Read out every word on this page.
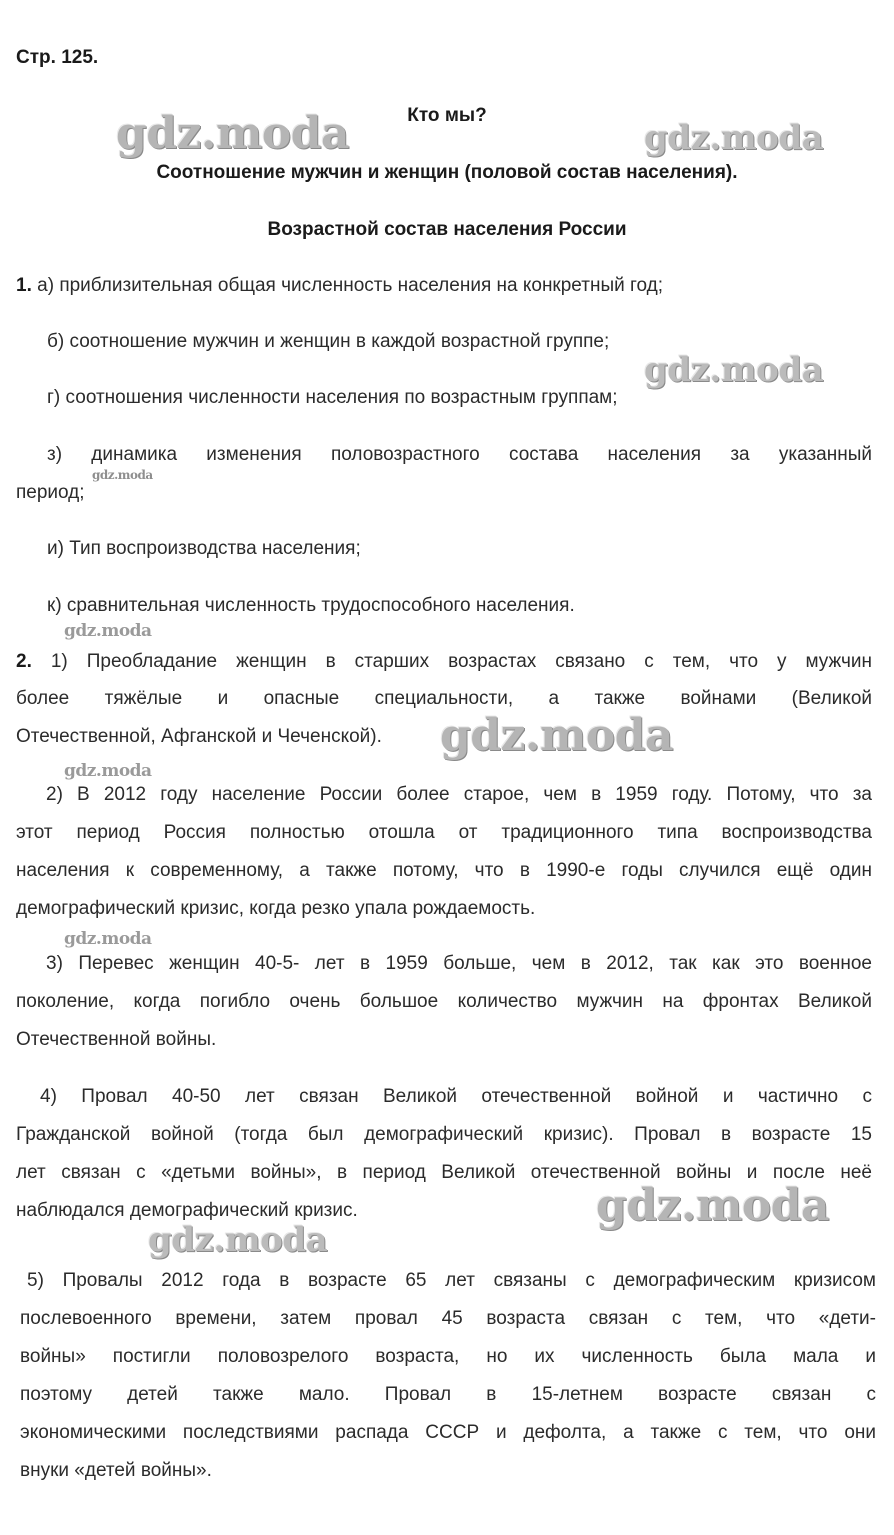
gdz.moda	gdz.moda
gdz.moda
gdz.moda
gdz.moda
gdz.moda
gdz.moda
gdz.moda
gdz.moda
gdz.moda
Стр. 125.
Кто мы?
Соотношение мужчин и женщин (половой состав населения).
Возрастной состав населения России
1. а) приблизительная общая численность населения на конкретный год;
б) соотношение мужчин и женщин в каждой возрастной группе;
г) соотношения численности населения по возрастным группам;
з) динамика изменения половозрастного состава населения за указанный
период;
и) Тип воспроизводства населения;
к) сравнительная численность трудоспособного населения.
2. 1) Преобладание женщин в старших возрастах связано с тем, что у мужчин
более тяжёлые и опасные специальности, а также войнами (Великой
Отечественной, Афганской и Чеченской).
2) В 2012 году население России более старое, чем в 1959 году. Потому, что за
этот период Россия полностью отошла от традиционного типа воспроизводства
населения к современному, а также потому, что в 1990-е годы случился ещё один
демографический кризис, когда резко упала рождаемость.
3) Перевес женщин 40-5- лет в 1959 больше, чем в 2012, так как это военное
поколение, когда погибло очень большое количество мужчин на фронтах Великой
Отечественной войны.
4) Провал 40-50 лет связан Великой отечественной войной и частично с
Гражданской войной (тогда был демографический кризис). Провал в возрасте 15
лет связан с «детьми войны», в период Великой отечественной войны и после неё
наблюдался демографический кризис.
5) Провалы 2012 года в возрасте 65 лет связаны с демографическим кризисом
послевоенного времени, затем провал 45 возраста связан с тем, что «дети-
войны» постигли половозрелого возраста, но их численность была мала и
поэтому детей также мало. Провал в 15-летнем возрасте связан с
экономическими последствиями распада СССР и дефолта, а также с тем, что они
внуки «детей войны».
